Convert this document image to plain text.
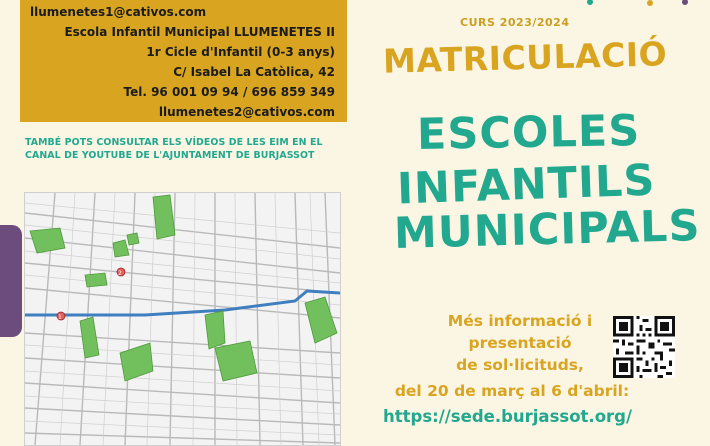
llumenetes1@cativos.com
Escola Infantil Municipal LLUMENETES II
1r Cicle d'Infantil (0-3 anys)
C/ Isabel La Catòlica, 42
Tel. 96 001 09 94 / 696 859 349
llumenetes2@cativos.com
TAMBÉ POTS CONSULTAR ELS VÍDEOS DE LES EIM EN EL
CANAL DE YOUTUBE DE L'AJUNTAMENT DE BURJASSOT
1
2
CURS 2023/2024
MATRICULACIÓ
ESCOLES
INFANTILS
MUNICIPALS
Més informació i
presentació
de sol·licituds,
del 20 de març al 6 d'abril:
https://sede.burjassot.org/
